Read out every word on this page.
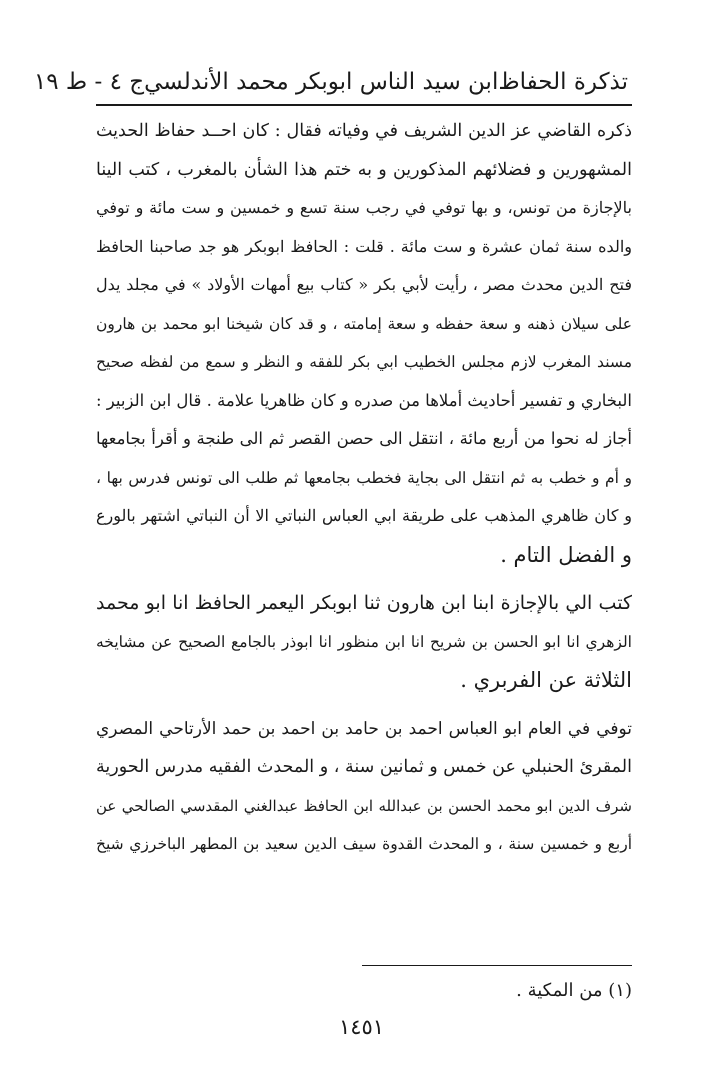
تذكرة الحفاظ
ابن سيد الناس ابوبكر محمد الأندلسي
ج ٤ - ط ١٩
ذكره القاضي عز الدين الشريف في وفياته فقال : كان احــد حفاظ الحديث
المشهورين و فضلائهم المذكورين و به ختم هذا الشأن بالمغرب ، كتب الينا
بالإجازة من تونس، و بها توفي في رجب سنة تسع و خمسين و ست مائة و توفي
والده سنة ثمان عشرة و ست مائة . قلت : الحافظ ابوبكر هو جد صاحبنا الحافظ
فتح الدين محدث مصر ، رأيت لأبي بكر « كتاب بيع أمهات الأولاد » في مجلد يدل
على سيلان ذهنه و سعة حفظه و سعة إمامته ، و قد كان شيخنا ابو محمد بن هارون
مسند المغرب لازم مجلس الخطيب ابي بكر للفقه و النظر و سمع من لفظه صحيح
البخاري و تفسير أحاديث أملاها من صدره و كان ظاهريا علامة . قال ابن الزبير :
أجاز له نحوا من أربع مائة ، انتقل الى حصن القصر ثم الى طنجة و أقرأ بجامعها
و أم و خطب به ثم انتقل الى بجاية فخطب بجامعها ثم طلب الى تونس فدرس بها ،
و كان ظاهري المذهب على طريقة ابي العباس النباتي الا أن النباتي اشتهر بالورع
و الفضل التام .
كتب الي بالإجازة ابنا ابن هارون ثنا ابوبكر اليعمر الحافظ انا ابو محمد
الزهري انا ابو الحسن بن شريح انا ابن منظور انا ابوذر بالجامع الصحيح عن مشايخه
الثلاثة عن الفربري .
توفي في العام ابو العباس احمد بن حامد بن احمد بن حمد الأرتاحي المصري
المقرئ الحنبلي عن خمس و ثمانين سنة ، و المحدث الفقيه مدرس الحورية
شرف الدين ابو محمد الحسن بن عبدالله ابن الحافظ عبدالغني المقدسي الصالحي عن
أربع و خمسين سنة ، و المحدث القدوة سيف الدين سعيد بن المطهر الباخرزي شيخ
(١) من المكية .
١٤٥١
